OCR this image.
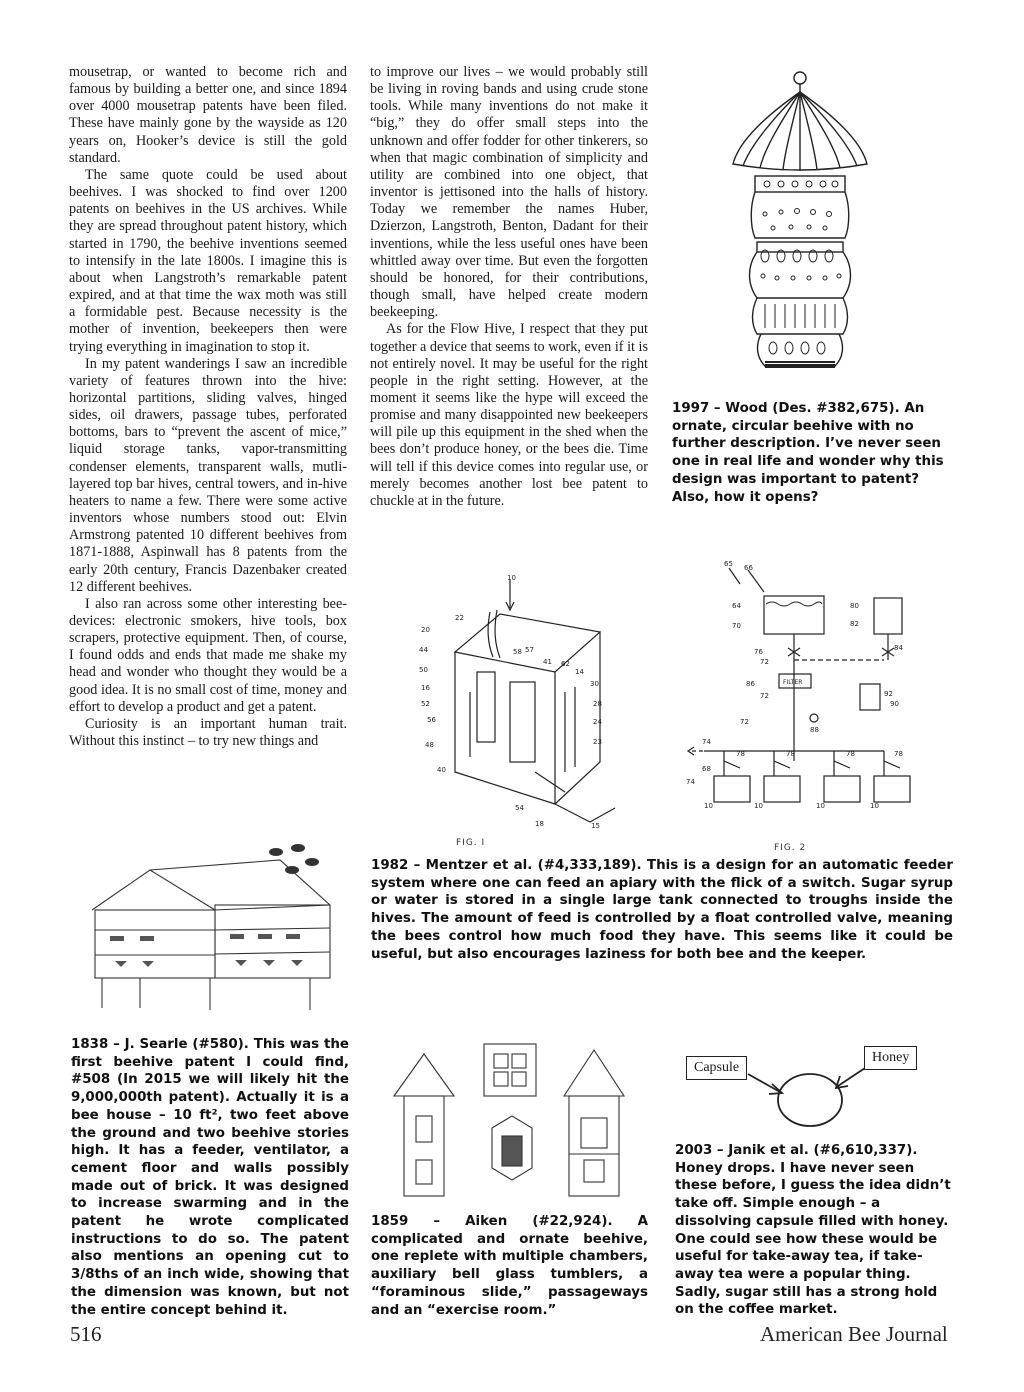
mousetrap, or wanted to become rich and famous by building a better one, and since 1894 over 4000 mousetrap patents have been filed. These have mainly gone by the wayside as 120 years on, Hooker’s device is still the gold standard.

The same quote could be used about beehives. I was shocked to find over 1200 patents on beehives in the US archives. While they are spread throughout patent history, which started in 1790, the beehive inventions seemed to intensify in the late 1800s. I imagine this is about when Langstroth’s remarkable patent expired, and at that time the wax moth was still a formidable pest. Because necessity is the mother of invention, beekeepers then were trying everything in imagination to stop it.

In my patent wanderings I saw an incredible variety of features thrown into the hive: horizontal partitions, sliding valves, hinged sides, oil drawers, passage tubes, perforated bottoms, bars to “prevent the ascent of mice,” liquid storage tanks, vapor-transmitting condenser elements, transparent walls, mutli-layered top bar hives, central towers, and in-hive heaters to name a few. There were some active inventors whose numbers stood out: Elvin Armstrong patented 10 different beehives from 1871-1888, Aspinwall has 8 patents from the early 20th century, Francis Dazenbaker created 12 different beehives.

I also ran across some other interesting bee-devices: electronic smokers, hive tools, box scrapers, protective equipment. Then, of course, I found odds and ends that made me shake my head and wonder who thought they would be a good idea. It is no small cost of time, money and effort to develop a product and get a patent.

Curiosity is an important human trait. Without this instinct – to try new things and

to improve our lives – we would probably still be living in roving bands and using crude stone tools. While many inventions do not make it “big,” they do offer small steps into the unknown and offer fodder for other tinkerers, so when that magic combination of simplicity and utility are combined into one object, that inventor is jettisoned into the halls of history. Today we remember the names Huber, Dzierzon, Langstroth, Benton, Dadant for their inventions, while the less useful ones have been whittled away over time. But even the forgotten should be honored, for their contributions, though small, have helped create modern beekeeping.

As for the Flow Hive, I respect that they put together a device that seems to work, even if it is not entirely novel. It may be useful for the right people in the right setting. However, at the moment it seems like the hype will exceed the promise and many disappointed new beekeepers will pile up this equipment in the shed when the bees don’t produce honey, or the bees die. Time will tell if this device comes into regular use, or merely becomes another lost bee patent to chuckle at in the future.

1997 – Wood (Des. #382,675). An ornate, circular beehive with no further description. I’ve never seen one in real life and wonder why this design was important to patent? Also, how it opens?
20
44
50
16
52
56
48
40
58 57
41 62
14
30
28
24
23
54
18	15
10
22
FILTER
65 66
64
70
80
82
76
72
86
72
72
92
90
88
84
74
68
74
10	10	10	10
78	78	78	78
FIG. I	FIG. 2
1982 – Mentzer et al. (#4,333,189). This is a design for an automatic feeder system where one can feed an apiary with the flick of a switch. Sugar syrup or water is stored in a single large tank connected to troughs inside the hives. The amount of feed is controlled by a float controlled valve, meaning the bees control how much food they have. This seems like it could be useful, but also encourages laziness for both bee and the keeper.
1838 – J. Searle (#580). This was the first beehive patent I could find, #508 (In 2015 we will likely hit the 9,000,000th patent). Actually it is a bee house – 10 ft², two feet above the ground and two beehive stories high. It has a feeder, ventilator, a cement floor and walls possibly made out of brick. It was designed to increase swarming and in the patent he wrote complicated instructions to do so. The patent also mentions an opening cut to 3/8ths of an inch wide, showing that the dimension was known, but not the entire concept behind it.
1859 – Aiken (#22,924). A complicated and ornate beehive, one replete with multiple chambers, auxiliary bell glass tumblers, a “foraminous slide,” passageways and an “exercise room.”
Capsule
Honey
2003 – Janik et al. (#6,610,337). Honey drops. I have never seen these before, I guess the idea didn’t take off. Simple enough – a dissolving capsule filled with honey. One could see how these would be useful for take-away tea, if take-away tea were a popular thing. Sadly, sugar still has a strong hold on the coffee market.
516	American Bee Journal
